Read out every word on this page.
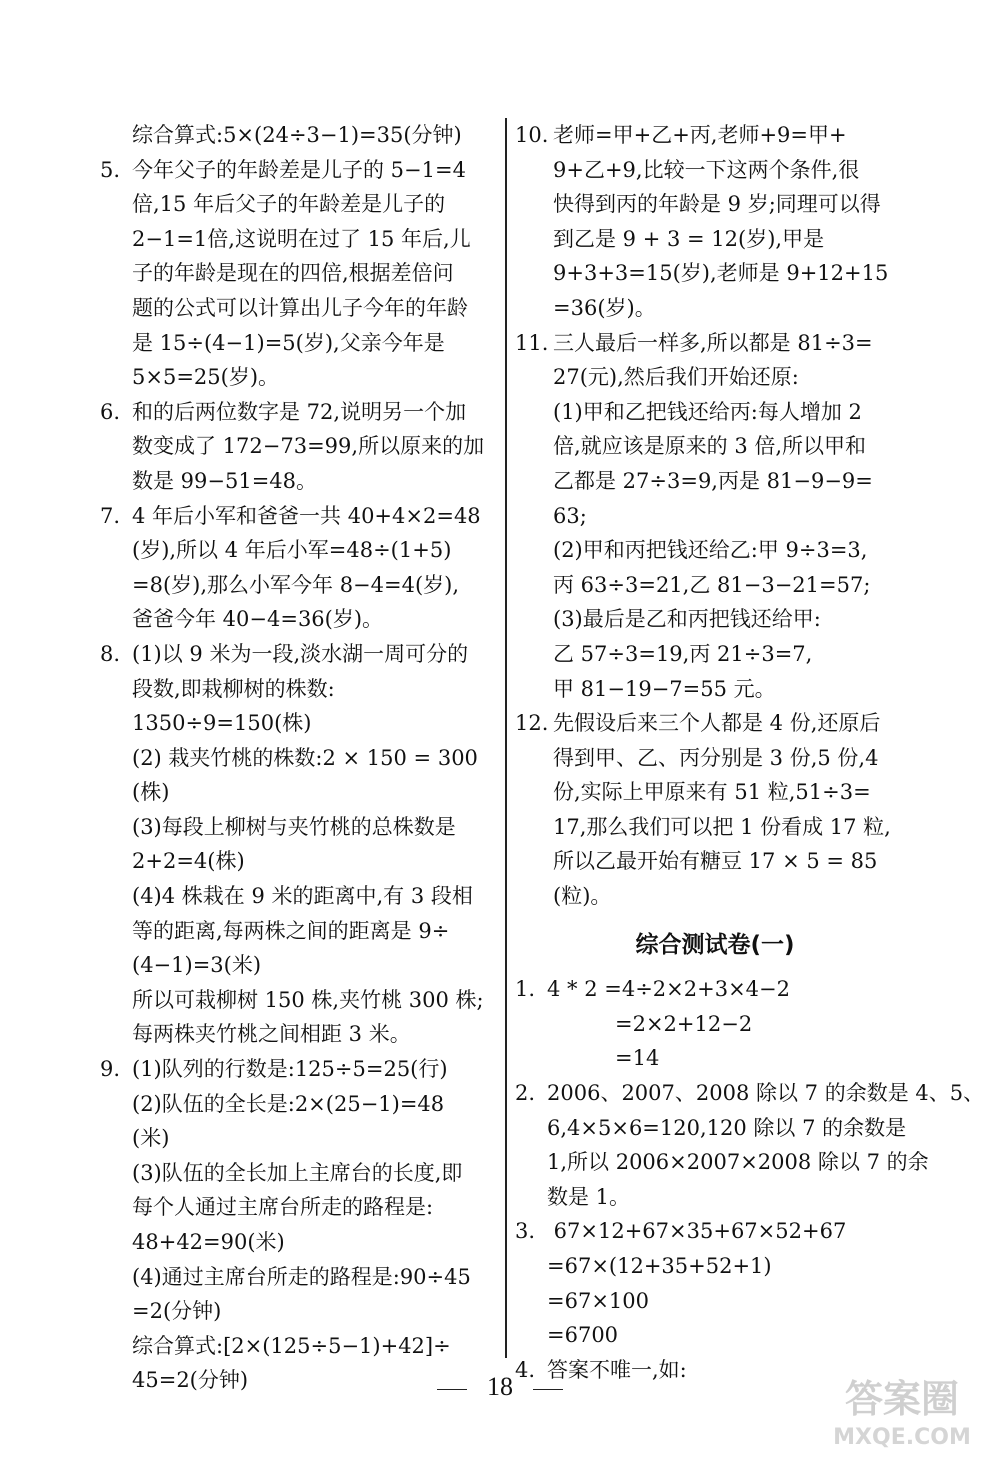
综合算式:5×(24÷3−1)=35(分钟)
5. 今年父子的年龄差是儿子的 5−1=4
倍,15 年后父子的年龄差是儿子的
2−1=1倍,这说明在过了 15 年后,儿
子的年龄是现在的四倍,根据差倍问
题的公式可以计算出儿子今年的年龄
是 15÷(4−1)=5(岁),父亲今年是
5×5=25(岁)。
6. 和的后两位数字是 72,说明另一个加
数变成了 172−73=99,所以原来的加
数是 99−51=48。
7. 4 年后小军和爸爸一共 40+4×2=48
(岁),所以 4 年后小军=48÷(1+5)
=8(岁),那么小军今年 8−4=4(岁),
爸爸今年 40−4=36(岁)。
8. (1)以 9 米为一段,淡水湖一周可分的
段数,即栽柳树的株数:
1350÷9=150(株)
(2) 栽夹竹桃的株数:2 × 150 = 300
(株)
(3)每段上柳树与夹竹桃的总株数是
2+2=4(株)
(4)4 株栽在 9 米的距离中,有 3 段相
等的距离,每两株之间的距离是 9÷
(4−1)=3(米)
所以可栽柳树 150 株,夹竹桃 300 株;
每两株夹竹桃之间相距 3 米。
9. (1)队列的行数是:125÷5=25(行)
(2)队伍的全长是:2×(25−1)=48
(米)
(3)队伍的全长加上主席台的长度,即
每个人通过主席台所走的路程是:
48+42=90(米)
(4)通过主席台所走的路程是:90÷45
=2(分钟)
综合算式:[2×(125÷5−1)+42]÷
45=2(分钟)
10. 老师=甲+乙+丙,老师+9=甲+
9+乙+9,比较一下这两个条件,很
快得到丙的年龄是 9 岁;同理可以得
到乙是 9 + 3 = 12(岁),甲是
9+3+3=15(岁),老师是 9+12+15
=36(岁)。
11. 三人最后一样多,所以都是 81÷3=
27(元),然后我们开始还原:
(1)甲和乙把钱还给丙:每人增加 2
倍,就应该是原来的 3 倍,所以甲和
乙都是 27÷3=9,丙是 81−9−9=
63;
(2)甲和丙把钱还给乙:甲 9÷3=3,
丙 63÷3=21,乙 81−3−21=57;
(3)最后是乙和丙把钱还给甲:
乙 57÷3=19,丙 21÷3=7,
甲 81−19−7=55 元。
12. 先假设后来三个人都是 4 份,还原后
得到甲、乙、丙分别是 3 份,5 份,4
份,实际上甲原来有 51 粒,51÷3=
17,那么我们可以把 1 份看成 17 粒,
所以乙最开始有糖豆 17 × 5 = 85
(粒)。
综合测试卷(一)
1. 4 * 2 =4÷2×2+3×4−2
=2×2+12−2
=14
2. 2006、2007、2008 除以 7 的余数是 4、5、
6,4×5×6=120,120 除以 7 的余数是
1,所以 2006×2007×2008 除以 7 的余
数是 1。
3. 67×12+67×35+67×52+67
=67×(12+35+52+1)
=67×100
=6700
4. 答案不唯一,如:
18	答案圈
MXQE.COM
